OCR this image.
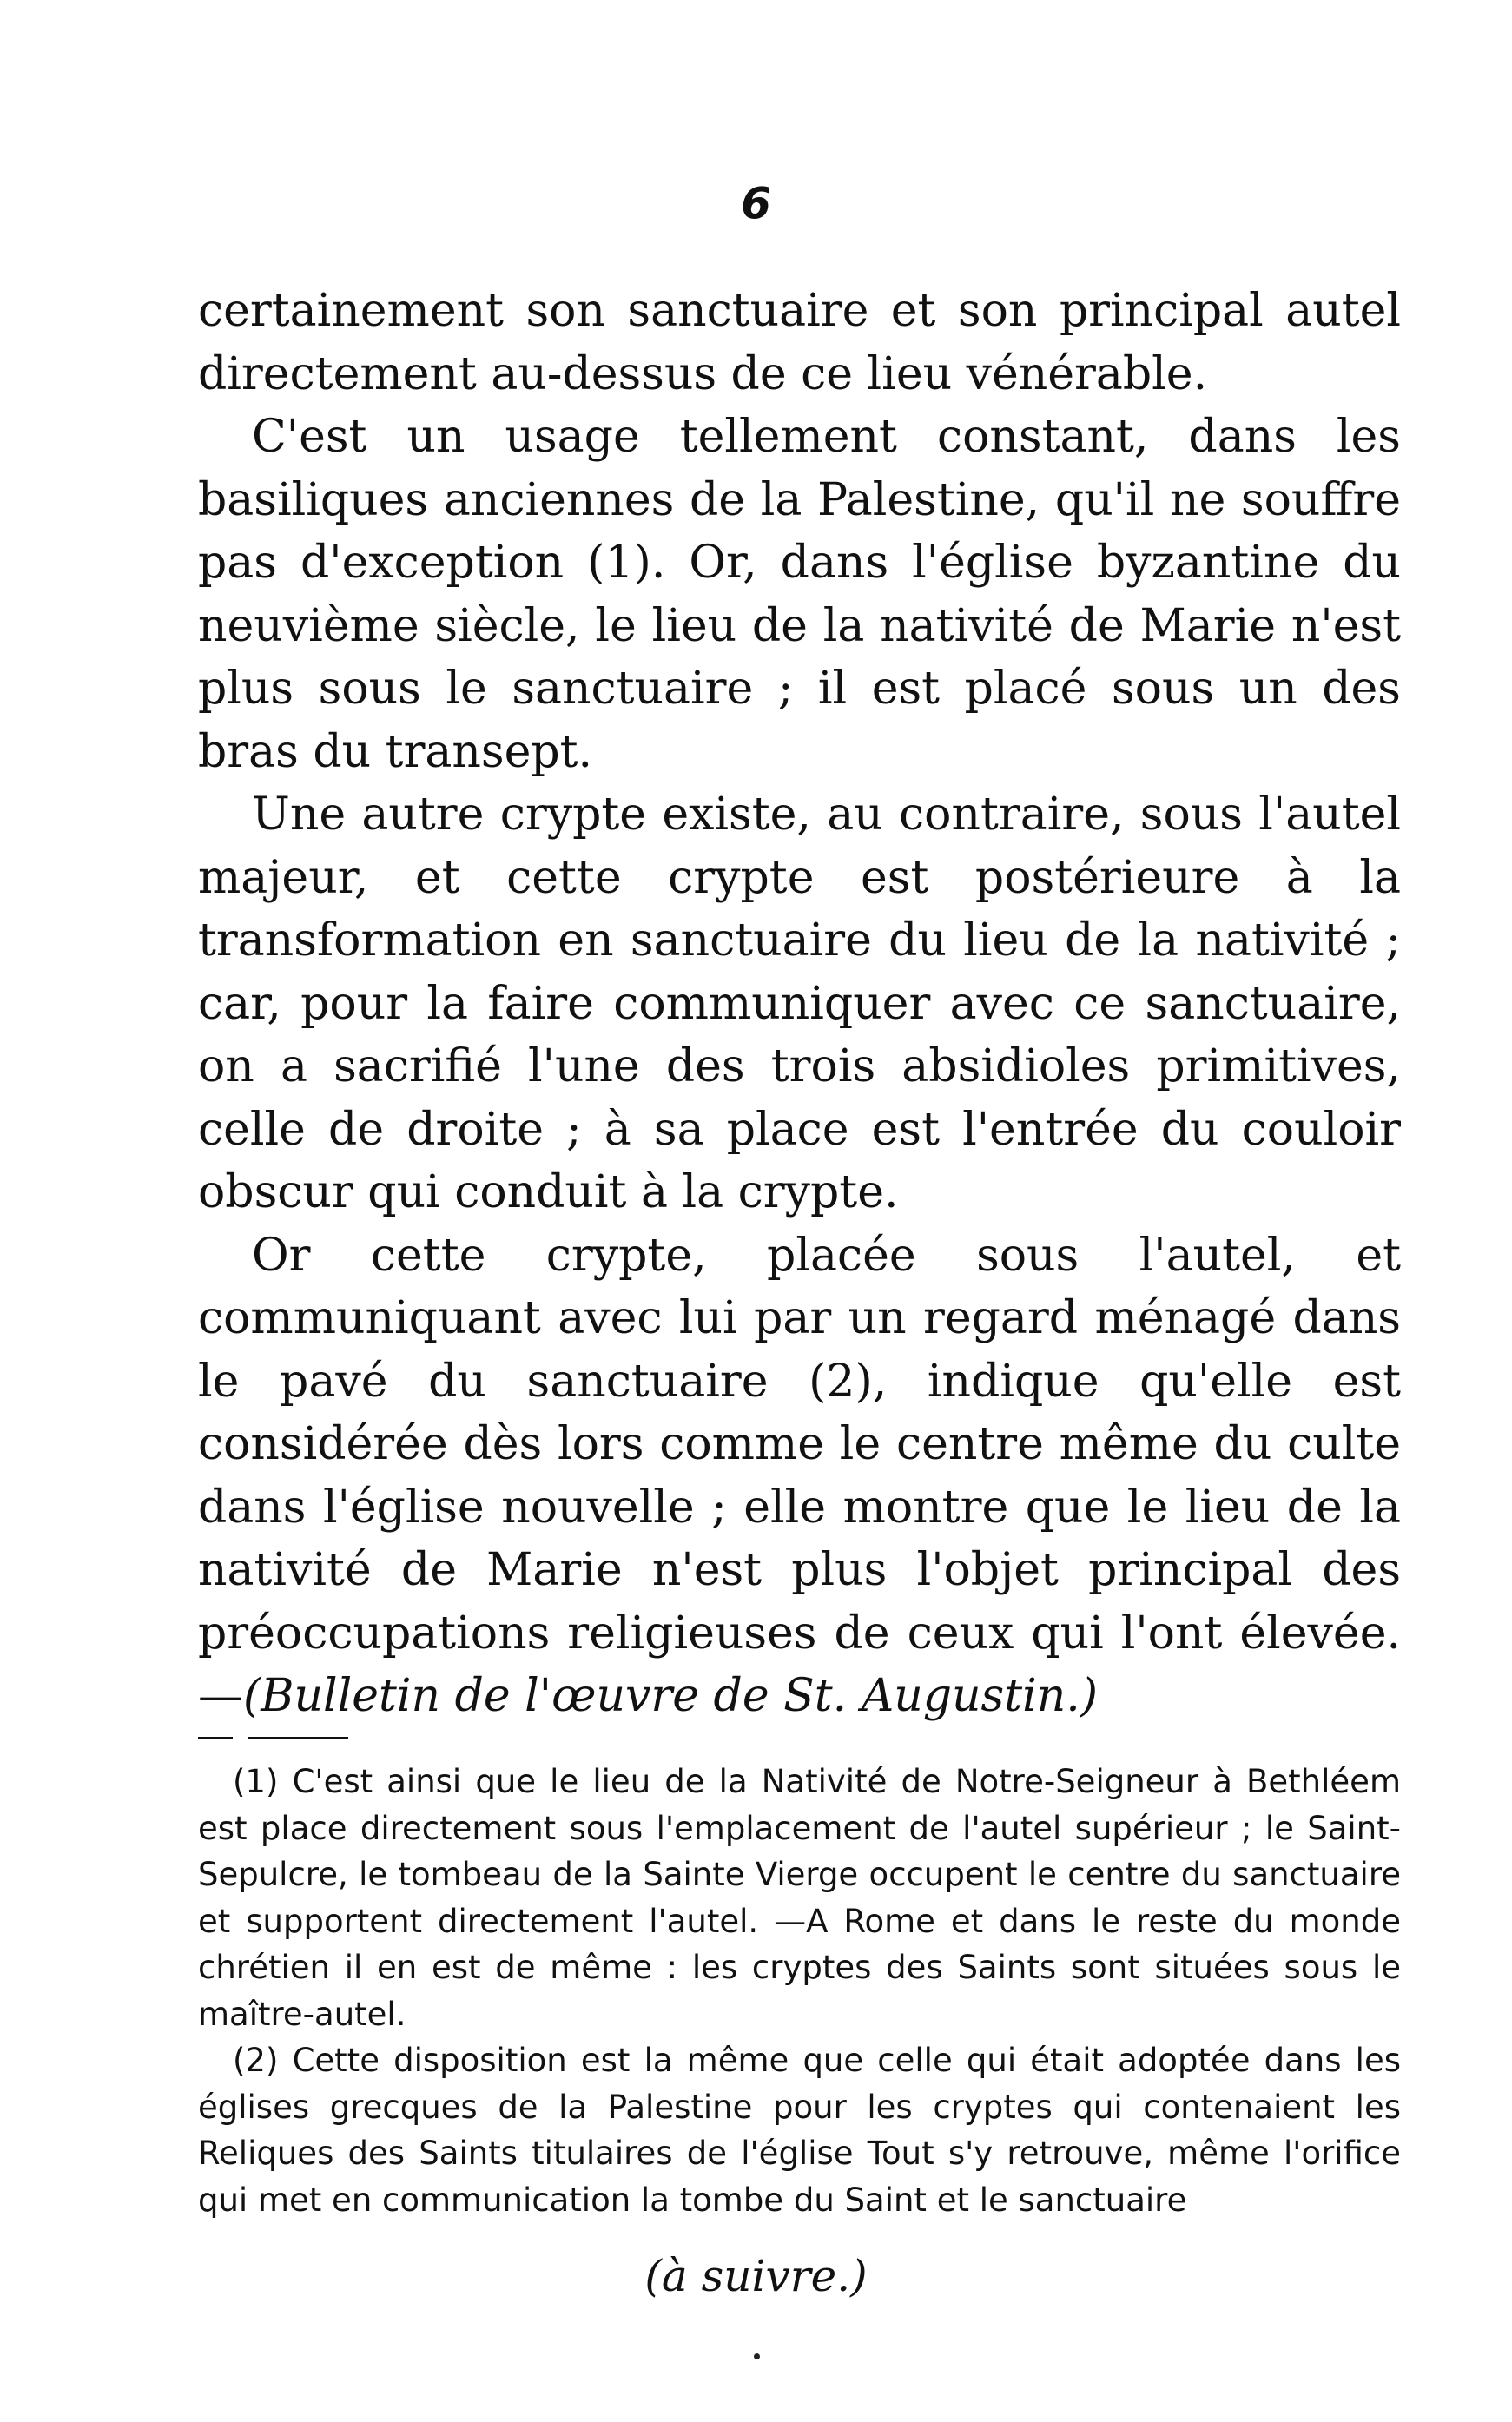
6

certainement son sanctuaire et son principal autel directement au-dessus de ce lieu vénérable.

C'est un usage tellement constant, dans les basiliques anciennes de la Palestine, qu'il ne souffre pas d'exception (1). Or, dans l'église byzantine du neuvième siècle, le lieu de la nativité de Marie n'est plus sous le sanctuaire ; il est placé sous un des bras du transept.

Une autre crypte existe, au contraire, sous l'autel majeur, et cette crypte est postérieure à la transformation en sanctuaire du lieu de la nativité ; car, pour la faire communiquer avec ce sanctuaire, on a sacrifié l'une des trois absidioles primitives, celle de droite ; à sa place est l'entrée du couloir obscur qui conduit à la crypte.

Or cette crypte, placée sous l'autel, et communiquant avec lui par un regard ménagé dans le pavé du sanctuaire (2), indique qu'elle est considérée dès lors comme le centre même du culte dans l'église nouvelle ; elle montre que le lieu de la nativité de Marie n'est plus l'objet principal des préoccupations religieuses de ceux qui l'ont élevée.—(Bulletin de l'œuvre de St. Augustin.)

(1) C'est ainsi que le lieu de la Nativité de Notre-Seigneur à Bethléem est place directement sous l'emplacement de l'autel supérieur ; le Saint-Sepulcre, le tombeau de la Sainte Vierge occupent le centre du sanctuaire et supportent directement l'autel. —A Rome et dans le reste du monde chrétien il en est de même : les cryptes des Saints sont situées sous le maître-autel.

(2) Cette disposition est la même que celle qui était adoptée dans les églises grecques de la Palestine pour les cryptes qui contenaient les Reliques des Saints titulaires de l'église Tout s'y retrouve, même l'orifice qui met en communication la tombe du Saint et le sanctuaire

(à suivre.)
